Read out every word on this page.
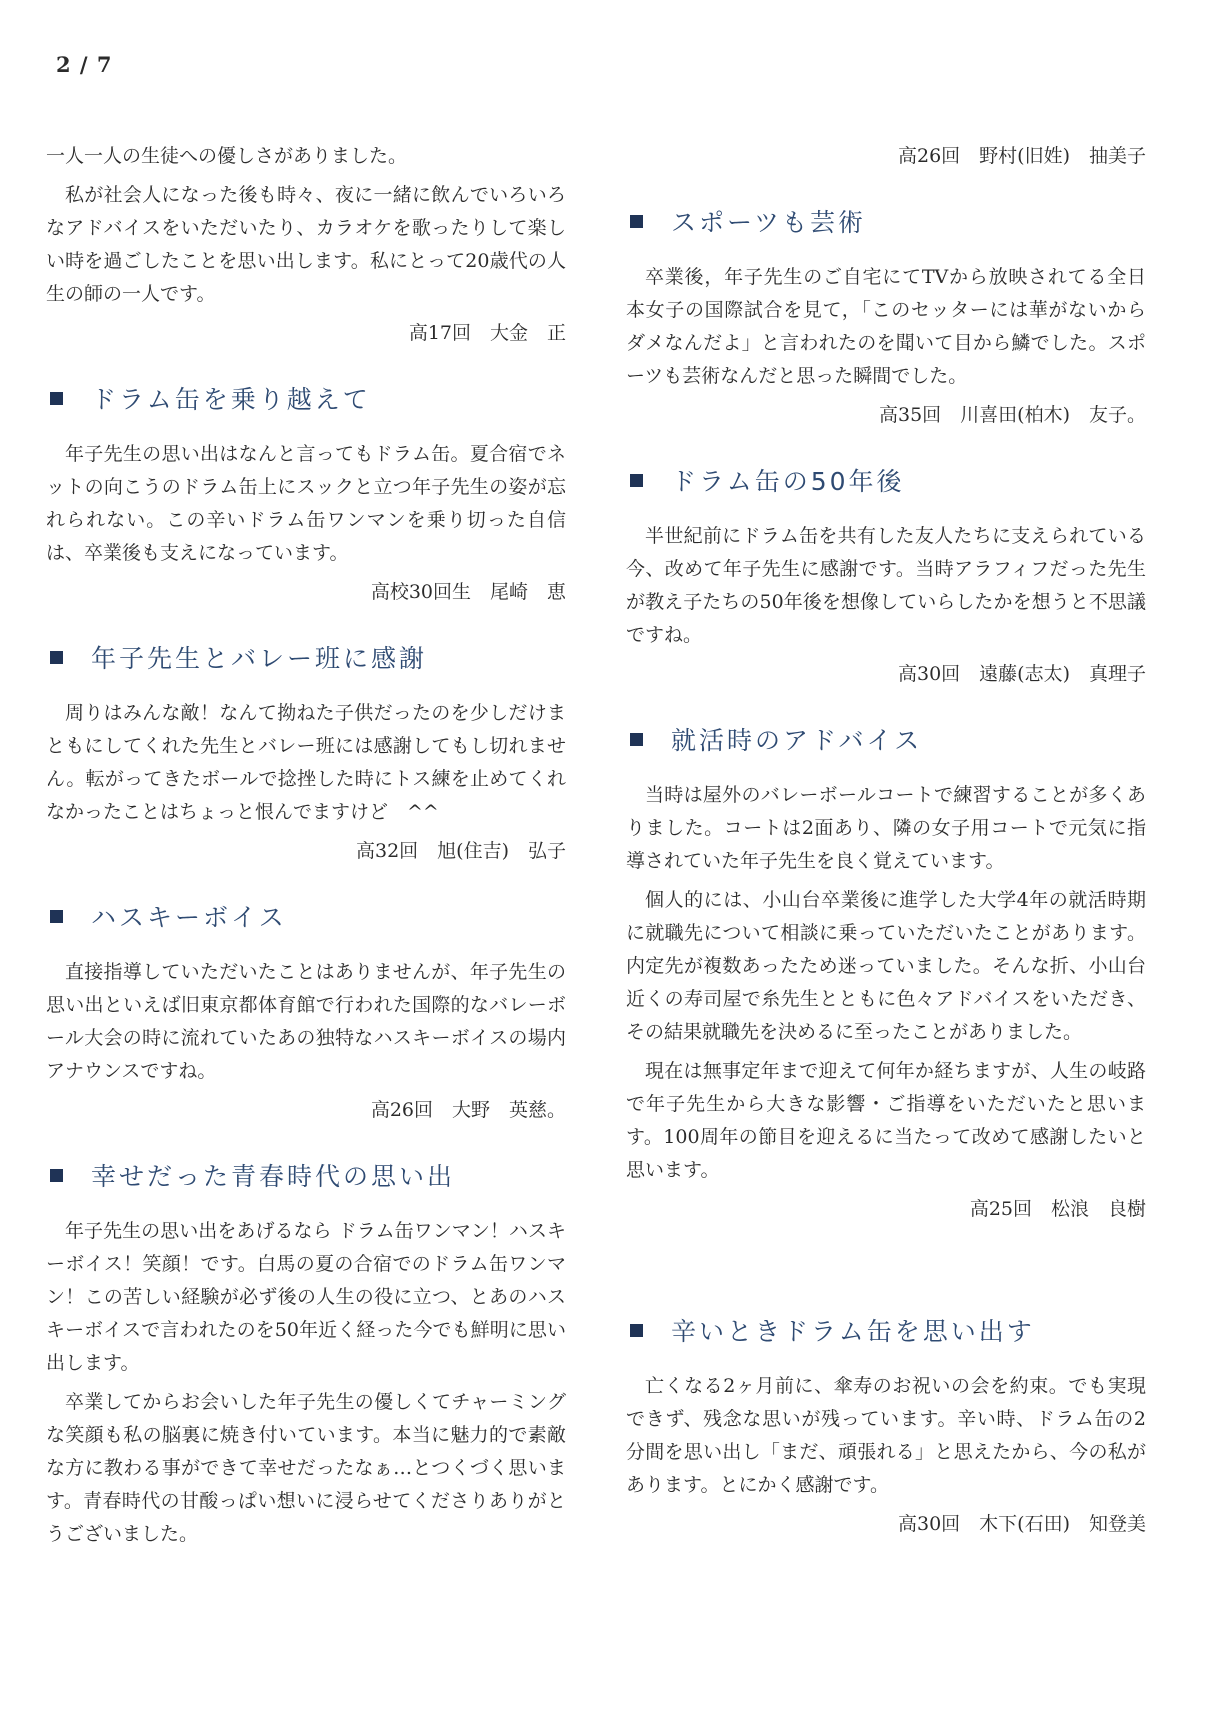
2 / 7

一人一人の生徒への優しさがありました。

私が社会人になった後も時々、夜に一緒に飲んでいろいろなアドバイスをいただいたり、カラオケを歌ったりして楽しい時を過ごしたことを思い出します。私にとって20歳代の人生の師の一人です。

高17回　大金　正

ドラム缶を乗り越えて

年子先生の思い出はなんと言ってもドラム缶。夏合宿でネットの向こうのドラム缶上にスックと立つ年子先生の姿が忘れられない。この辛いドラム缶ワンマンを乗り切った自信は、卒業後も支えになっています。

高校30回生　尾崎　恵

年子先生とバレー班に感謝

周りはみんな敵！なんて拗ねた子供だったのを少しだけまともにしてくれた先生とバレー班には感謝してもし切れません。転がってきたボールで捻挫した時にトス練を止めてくれなかったことはちょっと恨んでますけど　^^

高32回　旭(住吉)　弘子

ハスキーボイス

直接指導していただいたことはありませんが、年子先生の思い出といえば旧東京都体育館で行われた国際的なバレーボール大会の時に流れていたあの独特なハスキーボイスの場内アナウンスですね。

高26回　大野　英慈。

幸せだった青春時代の思い出

年子先生の思い出をあげるなら ドラム缶ワンマン！ハスキーボイス！笑顔！です。白馬の夏の合宿でのドラム缶ワンマン！この苦しい経験が必ず後の人生の役に立つ、とあのハスキーボイスで言われたのを50年近く経った今でも鮮明に思い出します。

卒業してからお会いした年子先生の優しくてチャーミングな笑顔も私の脳裏に焼き付いています。本当に魅力的で素敵な方に教わる事ができて幸せだったなぁ…とつくづく思います。青春時代の甘酸っぱい想いに浸らせてくださりありがとうございました。

高26回　野村(旧姓)　抽美子

スポーツも芸術

卒業後，年子先生のご自宅にてTVから放映されてる全日本女子の国際試合を見て，「このセッターには華がないからダメなんだよ」と言われたのを聞いて目から鱗でした。スポーツも芸術なんだと思った瞬間でした。

高35回　川喜田(柏木)　友子。

ドラム缶の50年後

半世紀前にドラム缶を共有した友人たちに支えられている今、改めて年子先生に感謝です。当時アラフィフだった先生が教え子たちの50年後を想像していらしたかを想うと不思議ですね。

高30回　遠藤(志太)　真理子

就活時のアドバイス

当時は屋外のバレーボールコートで練習することが多くありました。コートは2面あり、隣の女子用コートで元気に指導されていた年子先生を良く覚えています。

個人的には、小山台卒業後に進学した大学4年の就活時期に就職先について相談に乗っていただいたことがあります。内定先が複数あったため迷っていました。そんな折、小山台近くの寿司屋で糸先生とともに色々アドバイスをいただき、その結果就職先を決めるに至ったことがありました。

現在は無事定年まで迎えて何年か経ちますが、人生の岐路で年子先生から大きな影響・ご指導をいただいたと思います。100周年の節目を迎えるに当たって改めて感謝したいと思います。

高25回　松浪　良樹

辛いときドラム缶を思い出す

亡くなる2ヶ月前に、傘寿のお祝いの会を約束。でも実現できず、残念な思いが残っています。辛い時、ドラム缶の2分間を思い出し「まだ、頑張れる」と思えたから、今の私があります。とにかく感謝です。

高30回　木下(石田)　知登美
